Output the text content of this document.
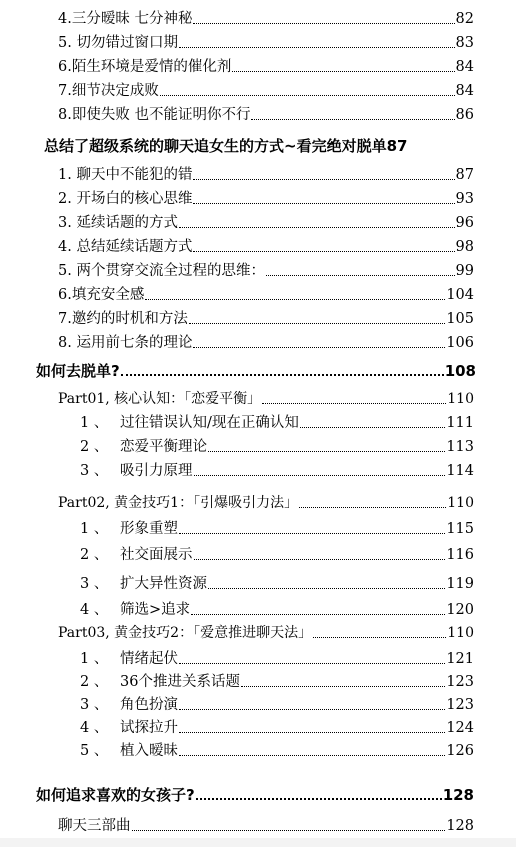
4.三分暧昧 七分神秘	82
5. 切勿错过窗口期	83
6.陌生环境是爱情的催化剂	84
7.细节决定成败	84
8.即使失败 也不能证明你不行	86
总结了超级系统的聊天追女生的方式~看完绝对脱单 87
1. 聊天中不能犯的错	87
2. 开场白的核心思维	93
3. 延续话题的方式	96
4. 总结延续话题方式	98
5. 两个贯穿交流全过程的思维：	99
6.填充安全感	104
7.邀约的时机和方法	105
8. 运用前七条的理论	106
如何去脱单?	108
Part01, 核心认知：「恋爱平衡」	110
1 、 过往错误认知/现在正确认知	111
2 、 恋爱平衡理论	113
3 、 吸引力原理	114
Part02, 黄金技巧1：「引爆吸引力法」	110
1 、 形象重塑	115
2 、 社交面展示	116
3 、 扩大异性资源	119
4 、 筛选>追求	120
Part03, 黄金技巧2：「爱意推进聊天法」	110
1 、 情绪起伏	121
2 、 36个推进关系话题	123
3 、 角色扮演	123
4 、 试探拉升	124
5 、 植入暧昧	126
如何追求喜欢的女孩子?	128
聊天三部曲	128
